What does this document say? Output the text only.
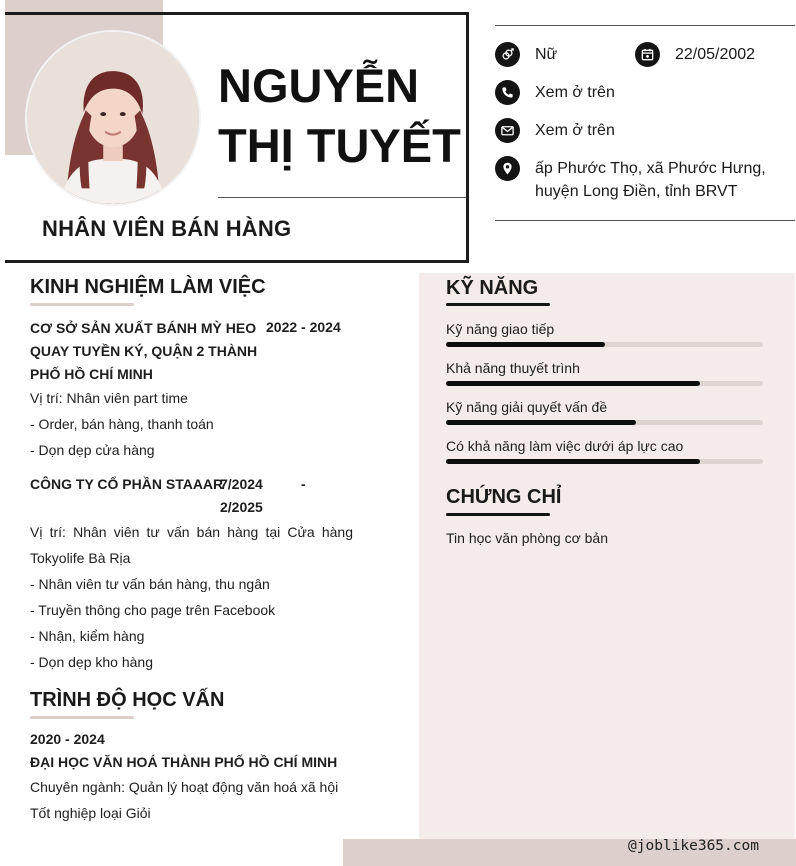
NGUYỄN
THỊ TUYẾT
NHÂN VIÊN BÁN HÀNG
Nữ	22/05/2002
Xem ở trên
Xem ở trên
ấp Phước Thọ, xã Phước Hưng,
huyện Long Điền, tỉnh BRVT
@joblike365.com
KINH NGHIỆM LÀM VIỆC
CƠ SỞ SẢN XUẤT BÁNH MỲ HEO
QUAY TUYỀN KÝ, QUẬN 2 THÀNH
PHỐ HỒ CHÍ MINH
2022 - 2024
Vị trí: Nhân viên part time
- Order, bán hàng, thanh toán
- Dọn dẹp cửa hàng
CÔNG TY CỔ PHẦN STAAAR
7/2024	-
2/2025
Vị trí: Nhân viên tư vấn bán hàng tại Cửa hàng
Tokyolife Bà Rịa
- Nhân viên tư vấn bán hàng, thu ngân
- Truyền thông cho page trên Facebook
- Nhận, kiểm hàng
- Dọn dẹp kho hàng
TRÌNH ĐỘ HỌC VẤN
2020 - 2024
ĐẠI HỌC VĂN HOÁ THÀNH PHỐ HỒ CHÍ MINH
Chuyên ngành: Quản lý hoạt động văn hoá xã hội
Tốt nghiệp loại Giỏi
KỸ NĂNG
Kỹ năng giao tiếp
Khả năng thuyết trình
Kỹ năng giải quyết vấn đề
Có khả năng làm việc dưới áp lực cao
CHỨNG CHỈ
Tin học văn phòng cơ bản
